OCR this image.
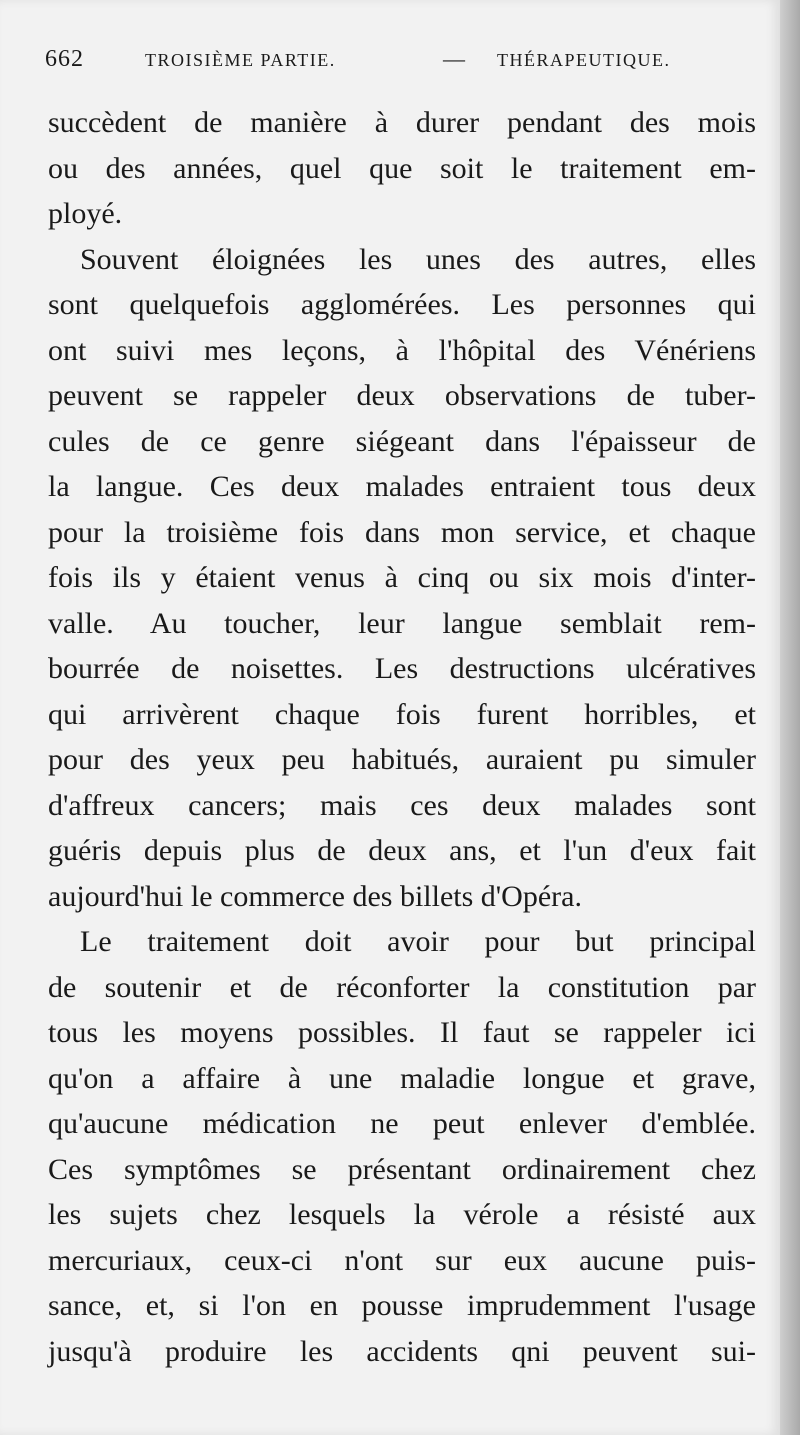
662	TROISIÈME PARTIE.	— THÉRAPEUTIQUE.
succèdent de manière à durer pendant des mois
ou des années, quel que soit le traitement em-
ployé.
Souvent éloignées les unes des autres, elles
sont quelquefois agglomérées. Les personnes qui
ont suivi mes leçons, à l'hôpital des Vénériens
peuvent se rappeler deux observations de tuber-
cules de ce genre siégeant dans l'épaisseur de
la langue. Ces deux malades entraient tous deux
pour la troisième fois dans mon service, et chaque
fois ils y étaient venus à cinq ou six mois d'inter-
valle. Au toucher, leur langue semblait rem-
bourrée de noisettes. Les destructions ulcératives
qui arrivèrent chaque fois furent horribles, et
pour des yeux peu habitués, auraient pu simuler
d'affreux cancers; mais ces deux malades sont
guéris depuis plus de deux ans, et l'un d'eux fait
aujourd'hui le commerce des billets d'Opéra.
Le traitement doit avoir pour but principal
de soutenir et de réconforter la constitution par
tous les moyens possibles. Il faut se rappeler ici
qu'on a affaire à une maladie longue et grave,
qu'aucune médication ne peut enlever d'emblée.
Ces symptômes se présentant ordinairement chez
les sujets chez lesquels la vérole a résisté aux
mercuriaux, ceux-ci n'ont sur eux aucune puis-
sance, et, si l'on en pousse imprudemment l'usage
jusqu'à produire les accidents qni peuvent sui-
